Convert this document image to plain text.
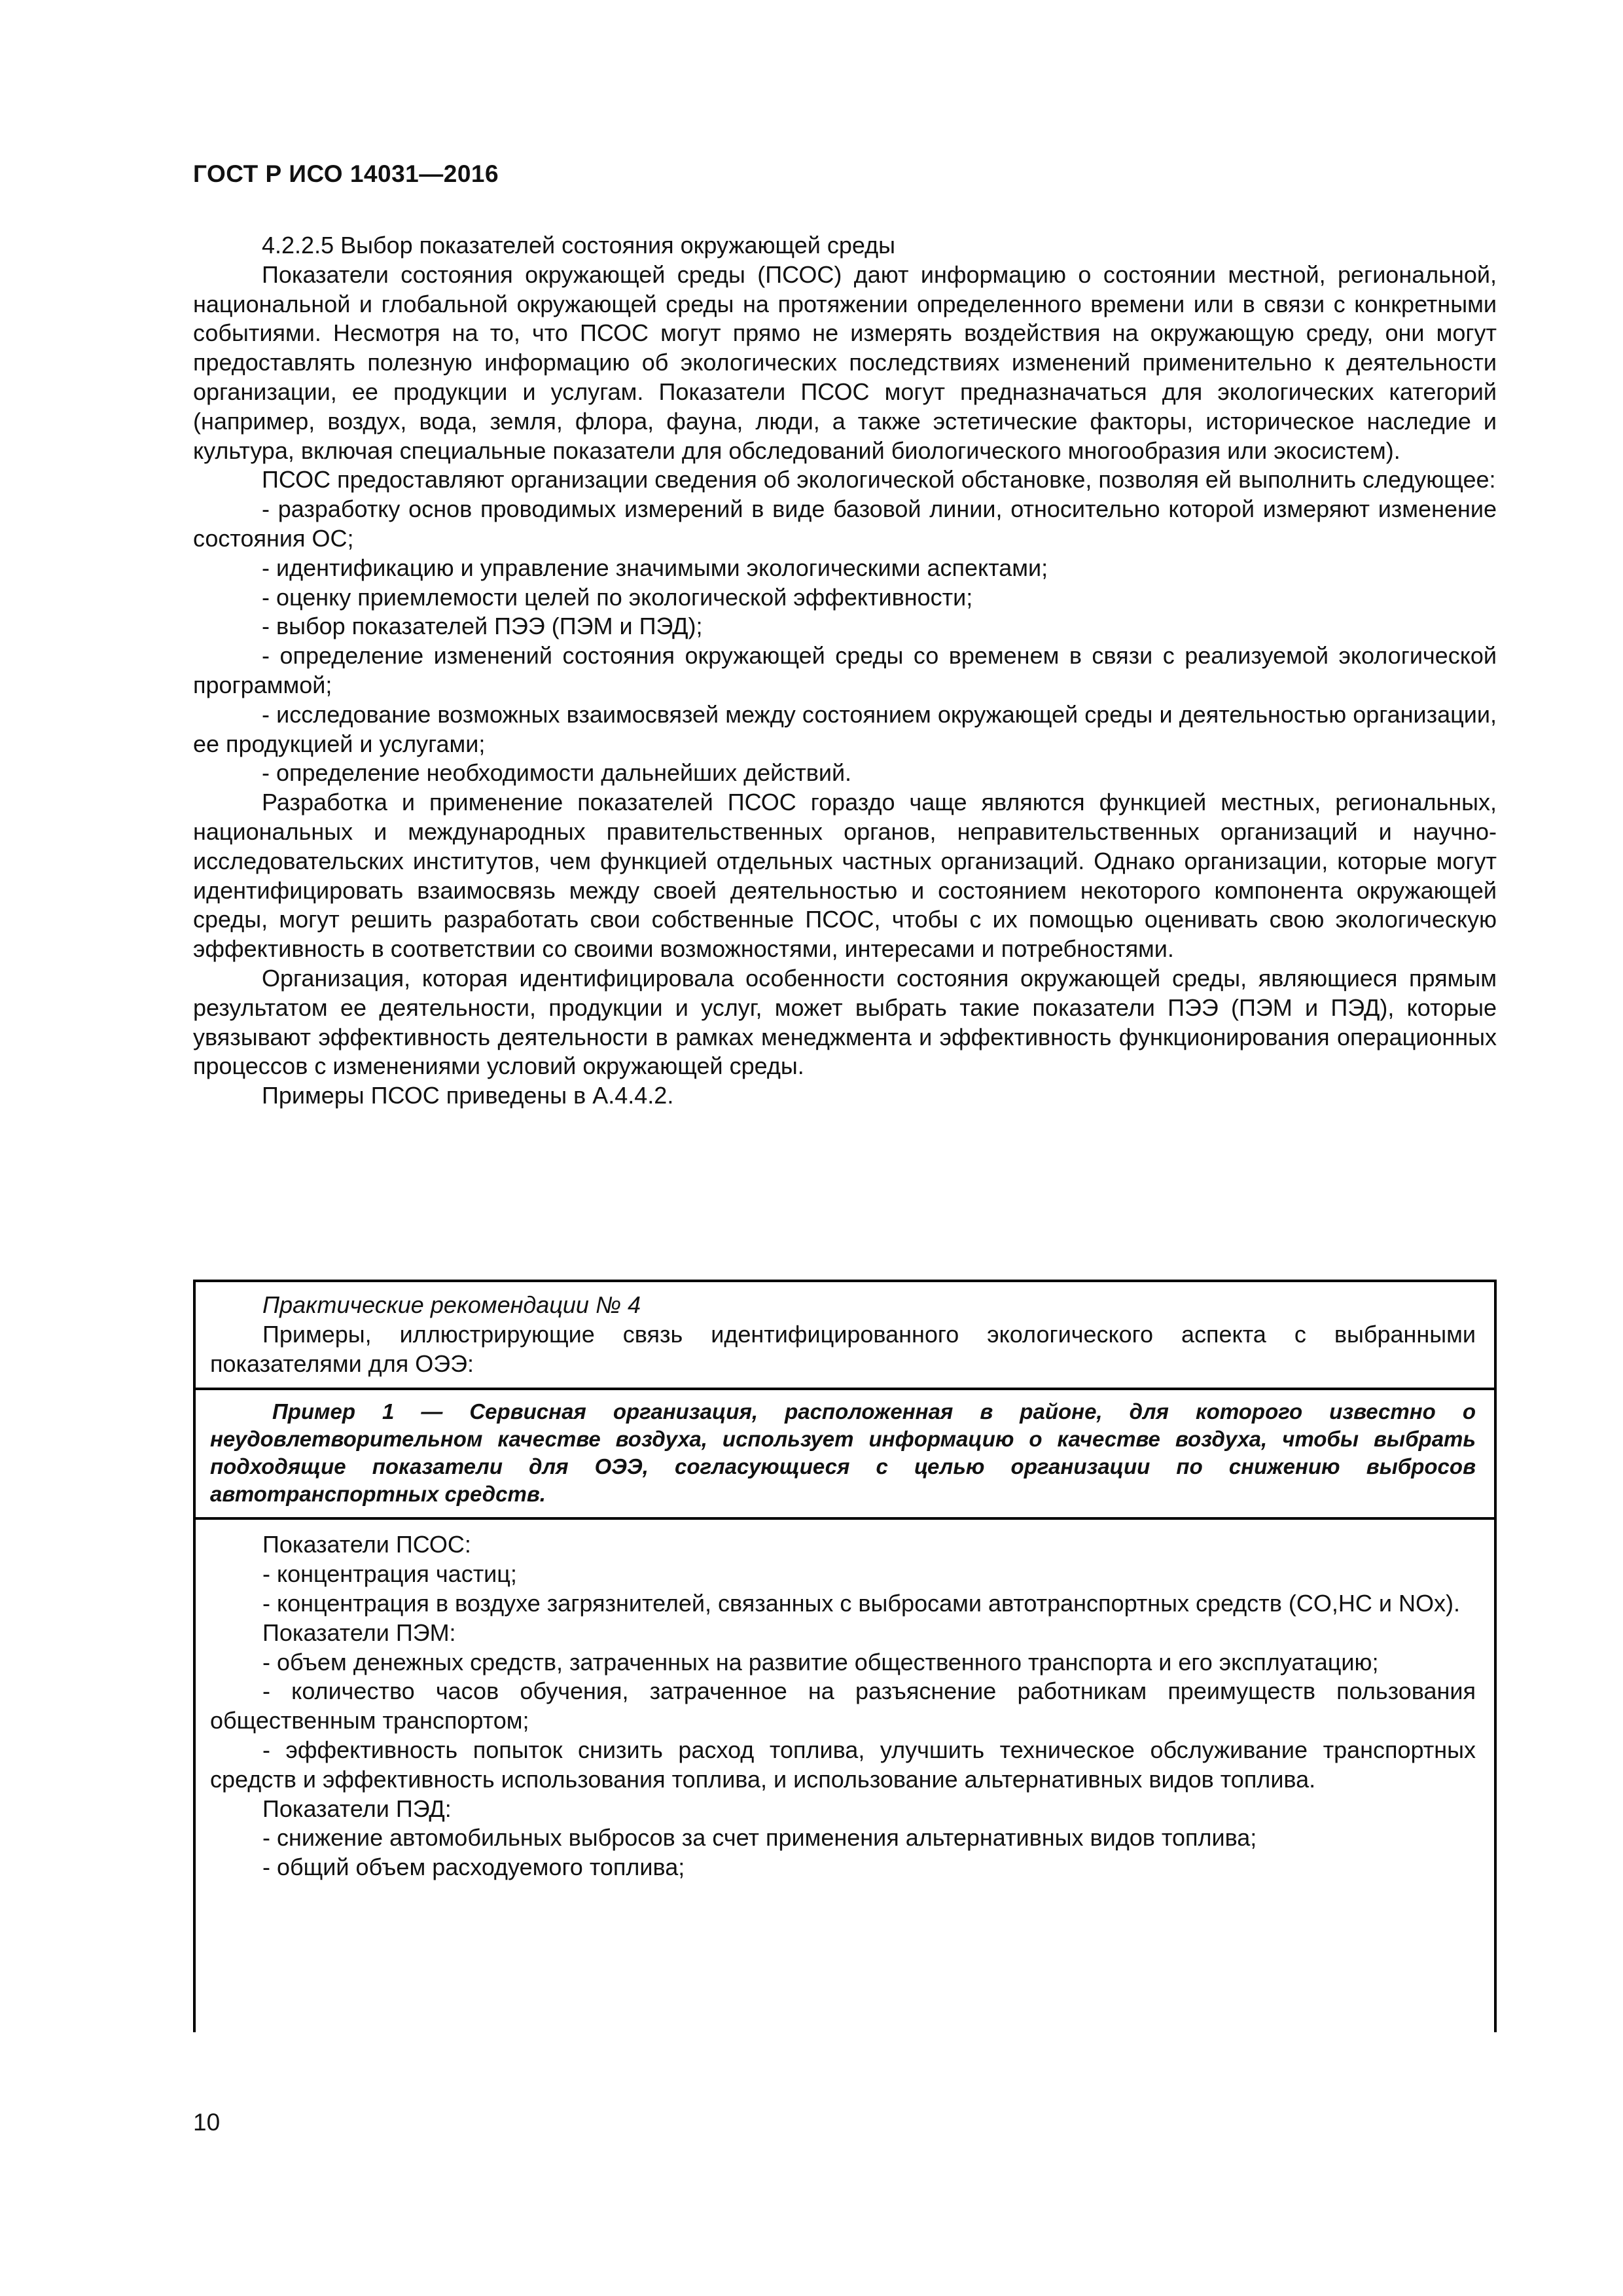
ГОСТ Р ИСО 14031—2016

4.2.2.5 Выбор показателей состояния окружающей среды

Показатели состояния окружающей среды (ПСОС) дают информацию о состоянии местной, региональной, национальной и глобальной окружающей среды на протяжении определенного времени или в связи с конкретными событиями. Несмотря на то, что ПСОС могут прямо не измерять воздействия на окружающую среду, они могут предоставлять полезную информацию об экологических последствиях изменений применительно к деятельности организации, ее продукции и услугам. Показатели ПСОС могут предназначаться для экологических категорий (например, воздух, вода, земля, флора, фауна, люди, а также эстетические факторы, историческое наследие и культура, включая специальные показатели для обследований биологического многообразия или экосистем).

ПСОС предоставляют организации сведения об экологической обстановке, позволяя ей выполнить следующее:

- разработку основ проводимых измерений в виде базовой линии, относительно которой измеряют изменение состояния ОС;

- идентификацию и управление значимыми экологическими аспектами;

- оценку приемлемости целей по экологической эффективности;

- выбор показателей ПЭЭ (ПЭМ и ПЭД);

- определение изменений состояния окружающей среды со временем в связи с реализуемой экологической программой;

- исследование возможных взаимосвязей между состоянием окружающей среды и деятельностью организации, ее продукцией и услугами;

- определение необходимости дальнейших действий.

Разработка и применение показателей ПСОС гораздо чаще являются функцией местных, региональных, национальных и международных правительственных органов, неправительственных организаций и научно-исследовательских институтов, чем функцией отдельных частных организаций. Однако организации, которые могут идентифицировать взаимосвязь между своей деятельностью и состоянием некоторого компонента окружающей среды, могут решить разработать свои собственные ПСОС, чтобы с их помощью оценивать свою экологическую эффективность в соответствии со своими возможностями, интересами и потребностями.

Организация, которая идентифицировала особенности состояния окружающей среды, являющиеся прямым результатом ее деятельности, продукции и услуг, может выбрать такие показатели ПЭЭ (ПЭМ и ПЭД), которые увязывают эффективность деятельности в рамках менеджмента и эффективность функционирования операционных процессов с изменениями условий окружающей среды.

Примеры ПСОС приведены в А.4.4.2.

Практические рекомендации № 4

Примеры, иллюстрирующие связь идентифицированного экологического аспекта с выбранными показателями для ОЭЭ:

Пример 1 — Сервисная организация, расположенная в районе, для которого известно о неудовлетворительном качестве воздуха, использует информацию о качестве воздуха, чтобы выбрать подходящие показатели для ОЭЭ, согласующиеся с целью организации по снижению выбросов автотранспортных средств.

Показатели ПСОС:

- концентрация частиц;

- концентрация в воздухе загрязнителей, связанных с выбросами автотранспортных средств (CO,HC и NOx).

Показатели ПЭМ:

- объем денежных средств, затраченных на развитие общественного транспорта и его эксплуатацию;

- количество часов обучения, затраченное на разъяснение работникам преимуществ пользования общественным транспортом;

- эффективность попыток снизить расход топлива, улучшить техническое обслуживание транспортных средств и эффективность использования топлива, и использование альтернативных видов топлива.

Показатели ПЭД:

- снижение автомобильных выбросов за счет применения альтернативных видов топлива;

- общий объем расходуемого топлива;

10
